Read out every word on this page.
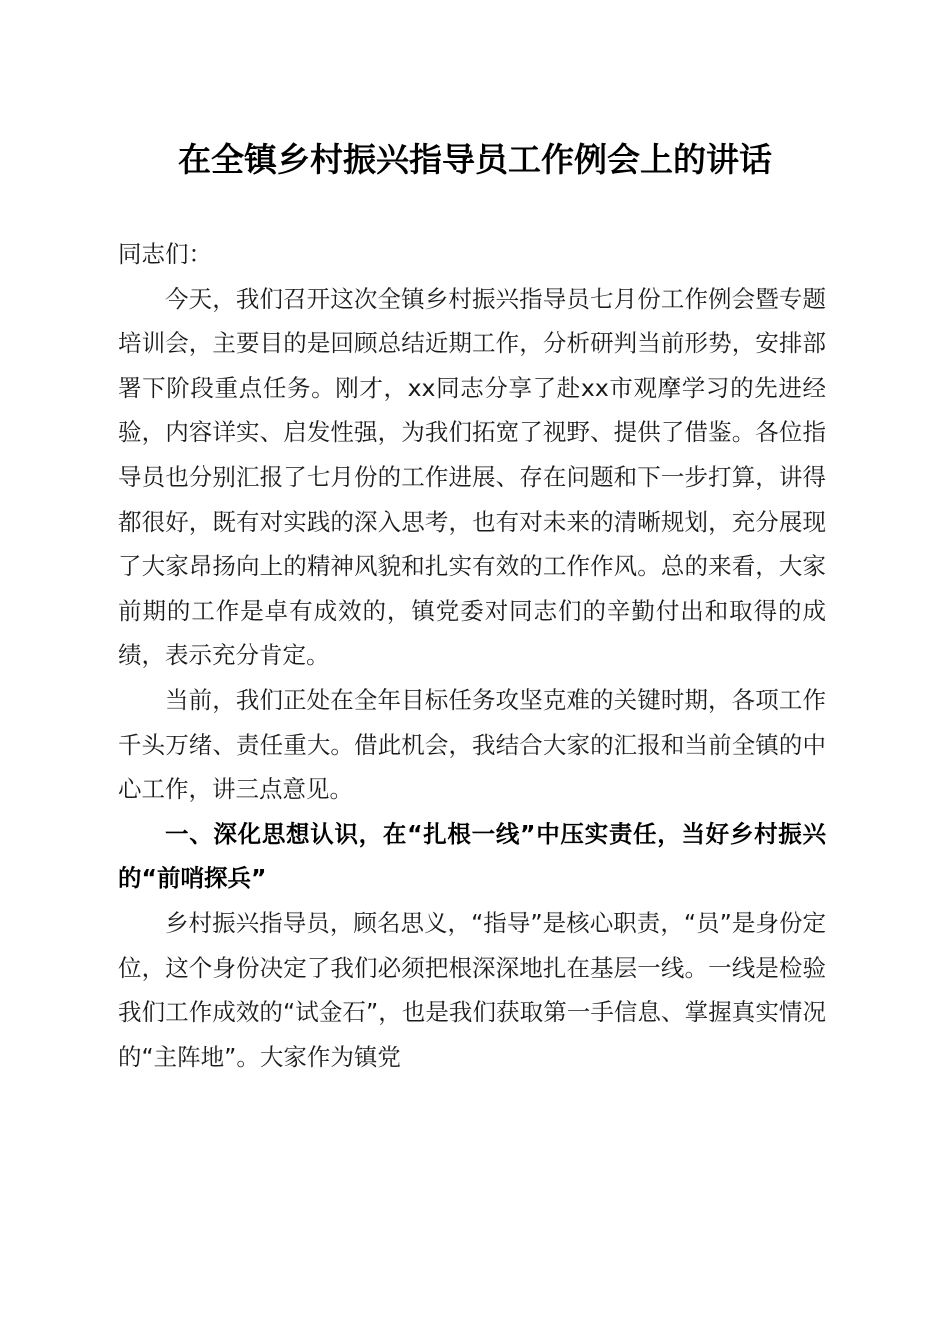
在全镇乡村振兴指导员工作例会上的讲话

同志们：

今天，我们召开这次全镇乡村振兴指导员七月份工作例会暨专题培训会，主要目的是回顾总结近期工作，分析研判当前形势，安排部署下阶段重点任务。刚才，xx同志分享了赴xx市观摩学习的先进经验，内容详实、启发性强，为我们拓宽了视野、提供了借鉴。各位指导员也分别汇报了七月份的工作进展、存在问题和下一步打算，讲得都很好，既有对实践的深入思考，也有对未来的清晰规划，充分展现了大家昂扬向上的精神风貌和扎实有效的工作作风。总的来看，大家前期的工作是卓有成效的，镇党委对同志们的辛勤付出和取得的成绩，表示充分肯定。

当前，我们正处在全年目标任务攻坚克难的关键时期，各项工作千头万绪、责任重大。借此机会，我结合大家的汇报和当前全镇的中心工作，讲三点意见。

一、深化思想认识，在“扎根一线”中压实责任，当好乡村振兴的“前哨探兵”

乡村振兴指导员，顾名思义，“指导”是核心职责，“员”是身份定位，这个身份决定了我们必须把根深深地扎在基层一线。一线是检验我们工作成效的“试金石”，也是我们获取第一手信息、掌握真实情况的“主阵地”。大家作为镇党
